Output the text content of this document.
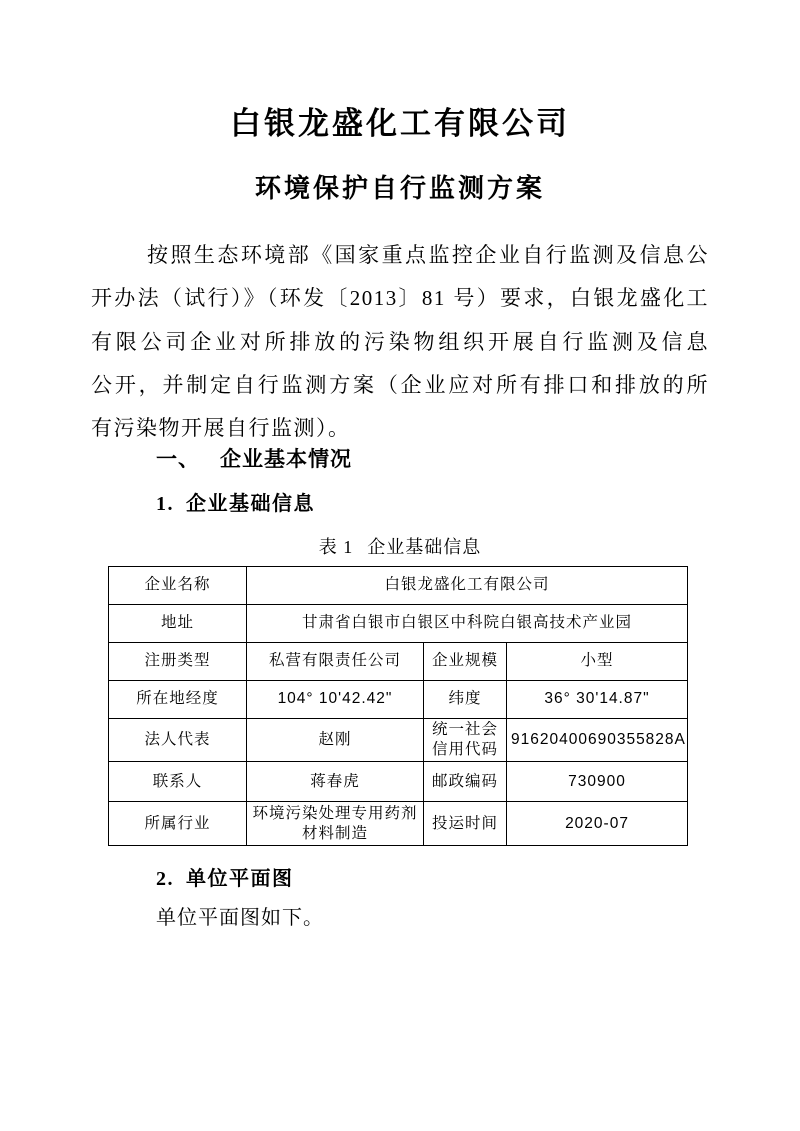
白银龙盛化工有限公司
环境保护自行监测方案
按照生态环境部《国家重点监控企业自行监测及信息公
开办法（试行）》（环发〔2013〕81 号）要求，白银龙盛化工
有限公司企业对所排放的污染物组织开展自行监测及信息
公开，并制定自行监测方案（企业应对所有排口和排放的所
有污染物开展自行监测）。
一、 企业基本情况
1. 企业基础信息
表 1 企业基础信息
企业名称	白银龙盛化工有限公司		
地址	甘肃省白银市白银区中科院白银高技术产业园		
注册类型	私营有限责任公司	企业规模	小型
所在地经度	104° 10'42.42"	纬度	36° 30'14.87"
法人代表	赵刚	统一社会信用代码	91620400690355828A
联系人	蒋春虎	邮政编码	730900
所属行业	环境污染处理专用药剂材料制造	投运时间	2020-07
2. 单位平面图
单位平面图如下。
